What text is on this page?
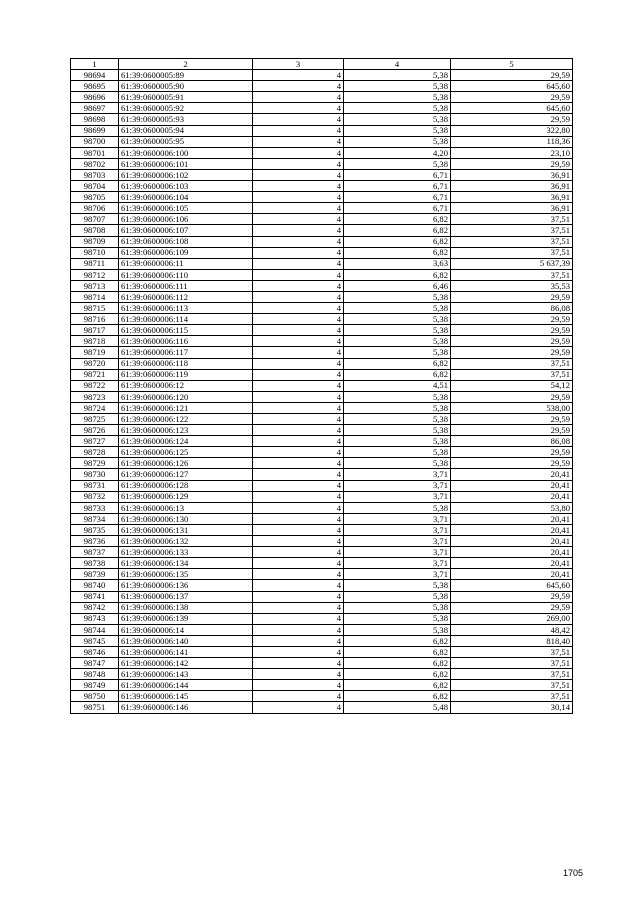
1	2	3	4	5
98694	61:39:0600005:89	4	5,38	29,59
98695	61:39:0600005:90	4	5,38	645,60
98696	61:39:0600005:91	4	5,38	29,59
98697	61:39:0600005:92	4	5,38	645,60
98698	61:39:0600005:93	4	5,38	29,59
98699	61:39:0600005:94	4	5,38	322,80
98700	61:39:0600005:95	4	5,38	118,36
98701	61:39:0600006:100	4	4,20	23,10
98702	61:39:0600006:101	4	5,38	29,59
98703	61:39:0600006:102	4	6,71	36,91
98704	61:39:0600006:103	4	6,71	36,91
98705	61:39:0600006:104	4	6,71	36,91
98706	61:39:0600006:105	4	6,71	36,91
98707	61:39:0600006:106	4	6,82	37,51
98708	61:39:0600006:107	4	6,82	37,51
98709	61:39:0600006:108	4	6,82	37,51
98710	61:39:0600006:109	4	6,82	37,51
98711	61:39:0600006:11	4	3,63	5 637,39
98712	61:39:0600006:110	4	6,82	37,51
98713	61:39:0600006:111	4	6,46	35,53
98714	61:39:0600006:112	4	5,38	29,59
98715	61:39:0600006:113	4	5,38	86,08
98716	61:39:0600006:114	4	5,38	29,59
98717	61:39:0600006:115	4	5,38	29,59
98718	61:39:0600006:116	4	5,38	29,59
98719	61:39:0600006:117	4	5,38	29,59
98720	61:39:0600006:118	4	6,82	37,51
98721	61:39:0600006:119	4	6,82	37,51
98722	61:39:0600006:12	4	4,51	54,12
98723	61:39:0600006:120	4	5,38	29,59
98724	61:39:0600006:121	4	5,38	538,00
98725	61:39:0600006:122	4	5,38	29,59
98726	61:39:0600006:123	4	5,38	29,59
98727	61:39:0600006:124	4	5,38	86,08
98728	61:39:0600006:125	4	5,38	29,59
98729	61:39:0600006:126	4	5,38	29,59
98730	61:39:0600006:127	4	3,71	20,41
98731	61:39:0600006:128	4	3,71	20,41
98732	61:39:0600006:129	4	3,71	20,41
98733	61:39:0600006:13	4	5,38	53,80
98734	61:39:0600006:130	4	3,71	20,41
98735	61:39:0600006:131	4	3,71	20,41
98736	61:39:0600006:132	4	3,71	20,41
98737	61:39:0600006:133	4	3,71	20,41
98738	61:39:0600006:134	4	3,71	20,41
98739	61:39:0600006:135	4	3,71	20,41
98740	61:39:0600006:136	4	5,38	645,60
98741	61:39:0600006:137	4	5,38	29,59
98742	61:39:0600006:138	4	5,38	29,59
98743	61:39:0600006:139	4	5,38	269,00
98744	61:39:0600006:14	4	5,38	48,42
98745	61:39:0600006:140	4	6,82	818,40
98746	61:39:0600006:141	4	6,82	37,51
98747	61:39:0600006:142	4	6,82	37,51
98748	61:39:0600006:143	4	6,82	37,51
98749	61:39:0600006:144	4	6,82	37,51
98750	61:39:0600006:145	4	6,82	37,51
98751	61:39:0600006:146	4	5,48	30,14
1705
